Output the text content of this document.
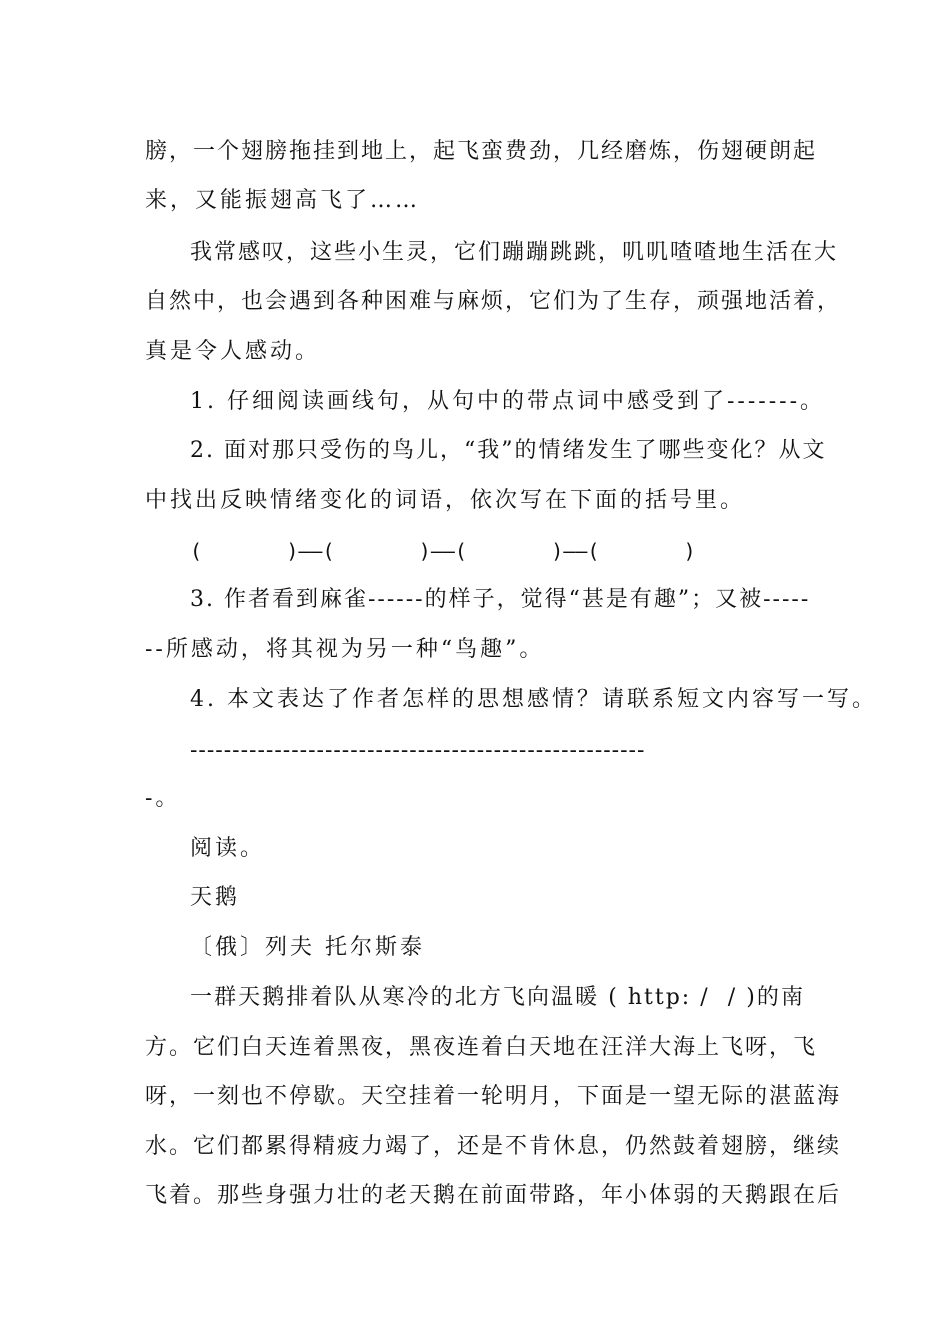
膀，一个翅膀拖挂到地上，起飞蛮费劲，几经磨炼，伤翅硬朗起

来，又能振翅高飞了……

我常感叹，这些小生灵，它们蹦蹦跳跳，叽叽喳喳地生活在大

自然中，也会遇到各种困难与麻烦，它们为了生存，顽强地活着，

真是令人感动。

1. 仔细阅读画线句，从句中的带点词中感受到了-------。

2. 面对那只受伤的鸟儿，“我”的情绪发生了哪些变化？从文

中找出反映情绪变化的词语，依次写在下面的括号里。

(       )——(       )——(       )——(       )

3. 作者看到麻雀------的样子，觉得“甚是有趣”；又被-----

--所感动，将其视为另一种“鸟趣”。

4. 本文表达了作者怎样的思想感情？请联系短文内容写一写。

------------------------------------------------------

-。

阅读。

天鹅

〔俄〕列夫 托尔斯泰

一群天鹅排着队从寒冷的北方飞向温暖 ( http: /  / )的南

方。它们白天连着黑夜，黑夜连着白天地在汪洋大海上飞呀，飞

呀，一刻也不停歇。天空挂着一轮明月，下面是一望无际的湛蓝海

水。它们都累得精疲力竭了，还是不肯休息，仍然鼓着翅膀，继续

飞着。那些身强力壮的老天鹅在前面带路，年小体弱的天鹅跟在后
